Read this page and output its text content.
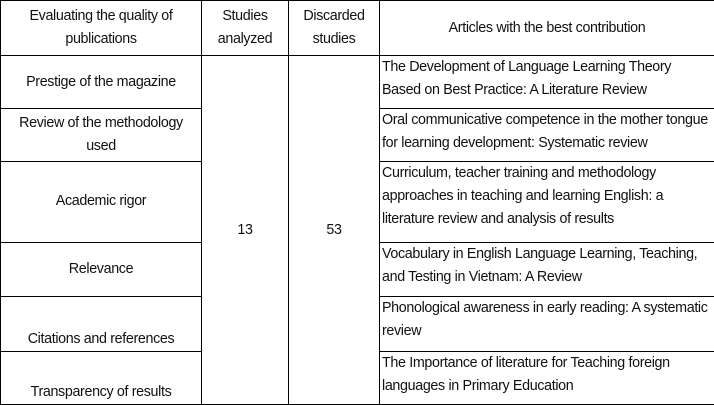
Evaluating the quality of publications	Studies analyzed	Discarded studies	Articles with the best contribution
Prestige of the magazine	13	53	The Development of Language Learning Theory Based on Best Practice: A Literature Review
Review of the methodology used			Oral communicative competence in the mother tongue for learning development: Systematic review
Academic rigor			Curriculum, teacher training and methodology approaches in teaching and learning English: a literature review and analysis of results
Relevance			Vocabulary in English Language Learning, Teaching, and Testing in Vietnam: A Review
Citations and references			Phonological awareness in early reading: A systematic review
Transparency of results			The Importance of literature for Teaching foreign languages in Primary Education
